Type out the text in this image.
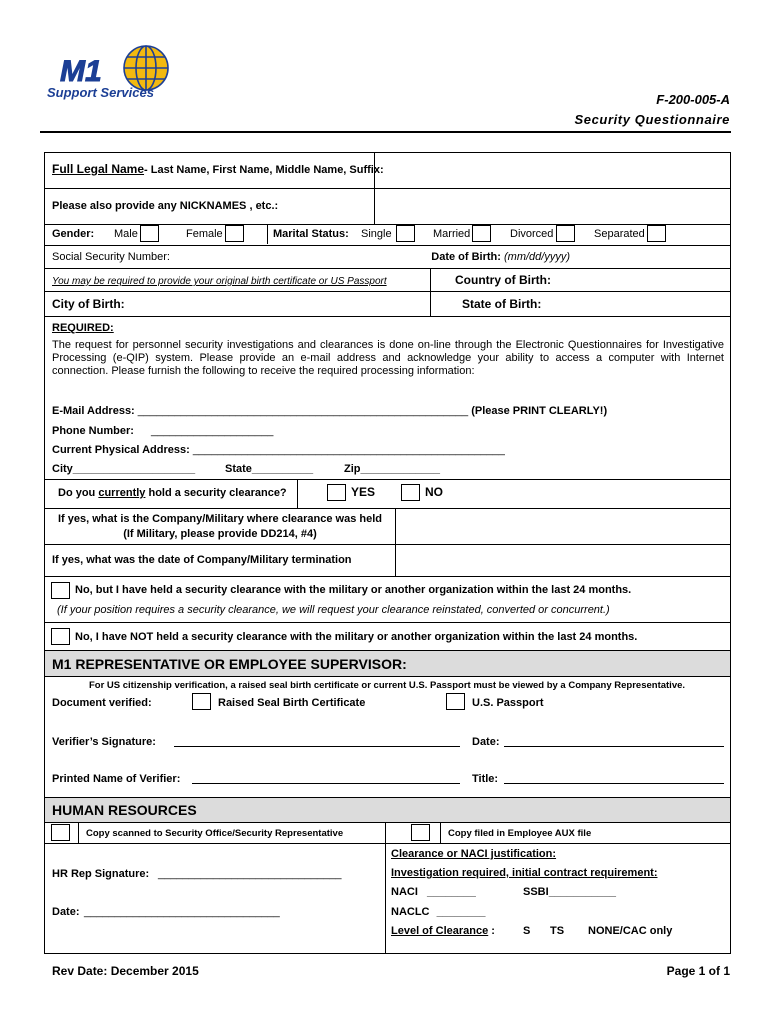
M1
Support Services	F-200-005-A
Security Questionnaire
Full Legal Name- Last Name, First Name, Middle Name, Suffix:
Please also provide any NICKNAMES , etc.:
Gender: Male	Female	Marital Status: Single	Married	Divorced	Separated
Social Security Number:	Date of Birth: (mm/dd/yyyy)
You may be required to provide your original birth certificate or US Passport	Country of Birth:
City of Birth:	State of Birth:
REQUIRED:
The request for personnel security investigations and clearances is done on-line through the Electronic Questionnaires for Investigative Processing (e-QIP) system. Please provide an e-mail address and acknowledge your ability to access a computer with Internet connection. Please furnish the following to receive the required processing information:
E-Mail Address: ______________________________________________________ (Please PRINT CLEARLY!)
Phone Number: ____________________
Current Physical Address: ___________________________________________________
City____________________	State__________	Zip_____________
Do you currently hold a security clearance?	YES	NO
If yes, what is the Company/Military where clearance was held
(If Military, please provide DD214, #4)
If yes, what was the date of Company/Military termination
No, but I have held a security clearance with the military or another organization within the last 24 months.
(If your position requires a security clearance, we will request your clearance reinstated, converted or concurrent.)
No, I have NOT held a security clearance with the military or another organization within the last 24 months.
M1 REPRESENTATIVE OR EMPLOYEE SUPERVISOR:
For US citizenship verification, a raised seal birth certificate or current U.S. Passport must be viewed by a Company Representative.
Document verified:	Raised Seal Birth Certificate	U.S. Passport
Verifier’s Signature:	Date:
Printed Name of Verifier:	Title:
HUMAN RESOURCES
Copy scanned to Security Office/Security Representative	Copy filed in Employee AUX file
HR Rep Signature: ______________________________
Date: ________________________________
Clearance or NACI justification:
Investigation required, initial contract requirement:
NACI ________	SSBI___________
NACLC ________
Level of Clearance :	S TS NONE/CAC only
Rev Date: December 2015	Page 1 of 1
